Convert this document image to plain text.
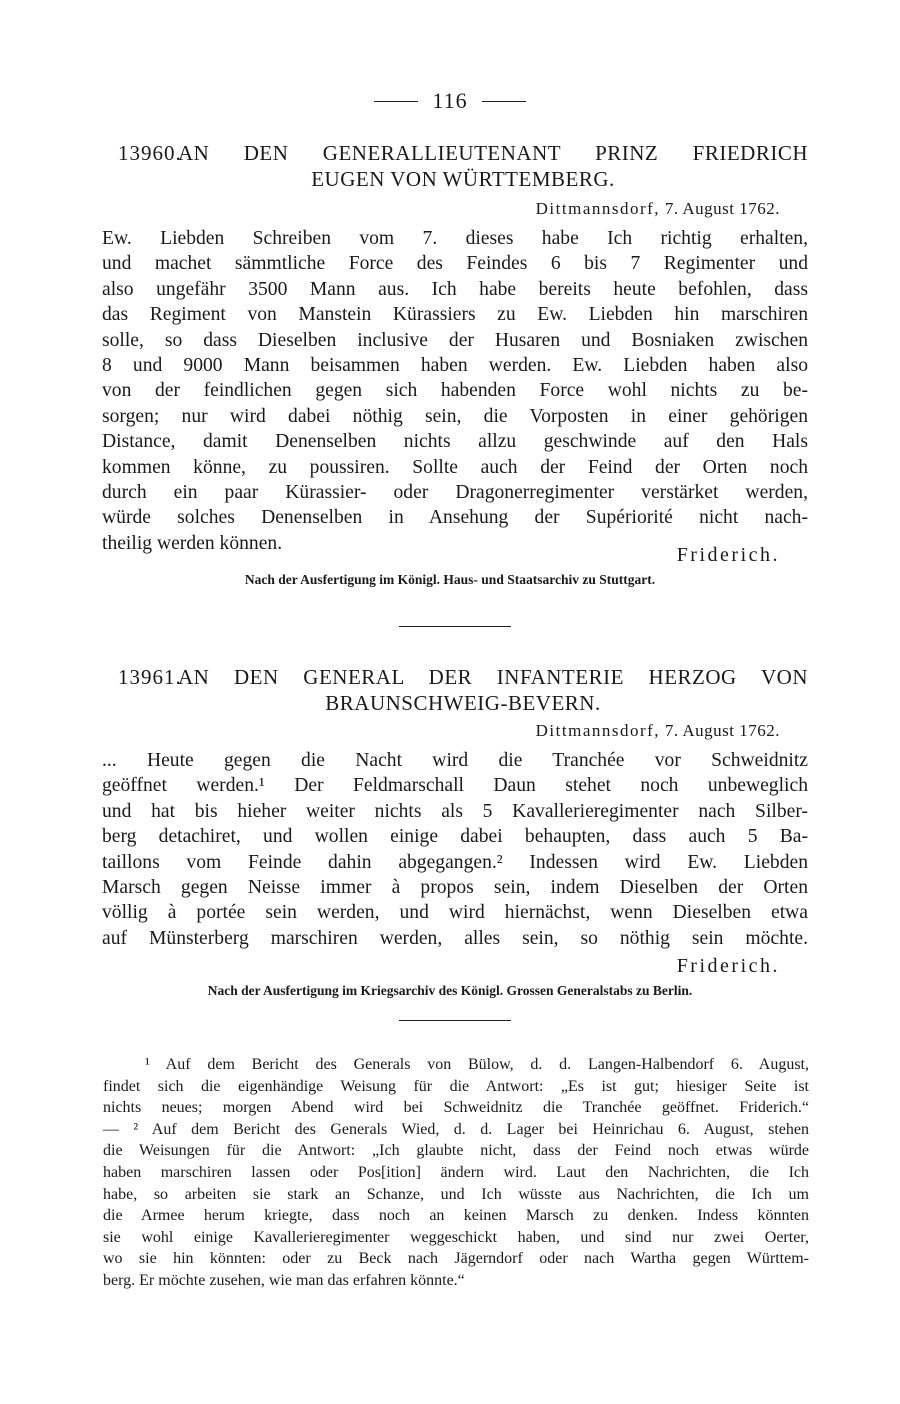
116
13960.
AN DEN GENERALLIEUTENANT PRINZ FRIEDRICH
EUGEN VON WÜRTTEMBERG.
Dittmannsdorf, 7. August 1762.
Ew. Liebden Schreiben vom 7. dieses habe Ich richtig erhalten,
und machet sämmtliche Force des Feindes 6 bis 7 Regimenter und
also ungefähr 3500 Mann aus. Ich habe bereits heute befohlen, dass
das Regiment von Manstein Kürassiers zu Ew. Liebden hin marschiren
solle, so dass Dieselben inclusive der Husaren und Bosniaken zwischen
8 und 9000 Mann beisammen haben werden. Ew. Liebden haben also
von der feindlichen gegen sich habenden Force wohl nichts zu be-
sorgen; nur wird dabei nöthig sein, die Vorposten in einer gehörigen
Distance, damit Denenselben nichts allzu geschwinde auf den Hals
kommen könne, zu poussiren. Sollte auch der Feind der Orten noch
durch ein paar Kürassier- oder Dragonerregimenter verstärket werden,
würde solches Denenselben in Ansehung der Supériorité nicht nach-
theilig werden können.
Friderich.
Nach der Ausfertigung im Königl. Haus- und Staatsarchiv zu Stuttgart.
13961.
AN DEN GENERAL DER INFANTERIE HERZOG VON
BRAUNSCHWEIG-BEVERN.
Dittmannsdorf, 7. August 1762.
... Heute gegen die Nacht wird die Tranchée vor Schweidnitz
geöffnet werden.¹ Der Feldmarschall Daun stehet noch unbeweglich
und hat bis hieher weiter nichts als 5 Kavallerieregimenter nach Silber-
berg detachiret, und wollen einige dabei behaupten, dass auch 5 Ba-
taillons vom Feinde dahin abgegangen.² Indessen wird Ew. Liebden
Marsch gegen Neisse immer à propos sein, indem Dieselben der Orten
völlig à portée sein werden, und wird hiernächst, wenn Dieselben etwa
auf Münsterberg marschiren werden, alles sein, so nöthig sein möchte.
Friderich.
Nach der Ausfertigung im Kriegsarchiv des Königl. Grossen Generalstabs zu Berlin.
¹ Auf dem Bericht des Generals von Bülow, d. d. Langen-Halbendorf 6. August,
findet sich die eigenhändige Weisung für die Antwort: „Es ist gut; hiesiger Seite ist
nichts neues; morgen Abend wird bei Schweidnitz die Tranchée geöffnet. Friderich.“
— ² Auf dem Bericht des Generals Wied, d. d. Lager bei Heinrichau 6. August, stehen
die Weisungen für die Antwort: „Ich glaubte nicht, dass der Feind noch etwas würde
haben marschiren lassen oder Pos[ition] ändern wird. Laut den Nachrichten, die Ich
habe, so arbeiten sie stark an Schanze, und Ich wüsste aus Nachrichten, die Ich um
die Armee herum kriegte, dass noch an keinen Marsch zu denken. Indess könnten
sie wohl einige Kavallerieregimenter weggeschickt haben, und sind nur zwei Oerter,
wo sie hin könnten: oder zu Beck nach Jägerndorf oder nach Wartha gegen Württem-
berg. Er möchte zusehen, wie man das erfahren könnte.“
